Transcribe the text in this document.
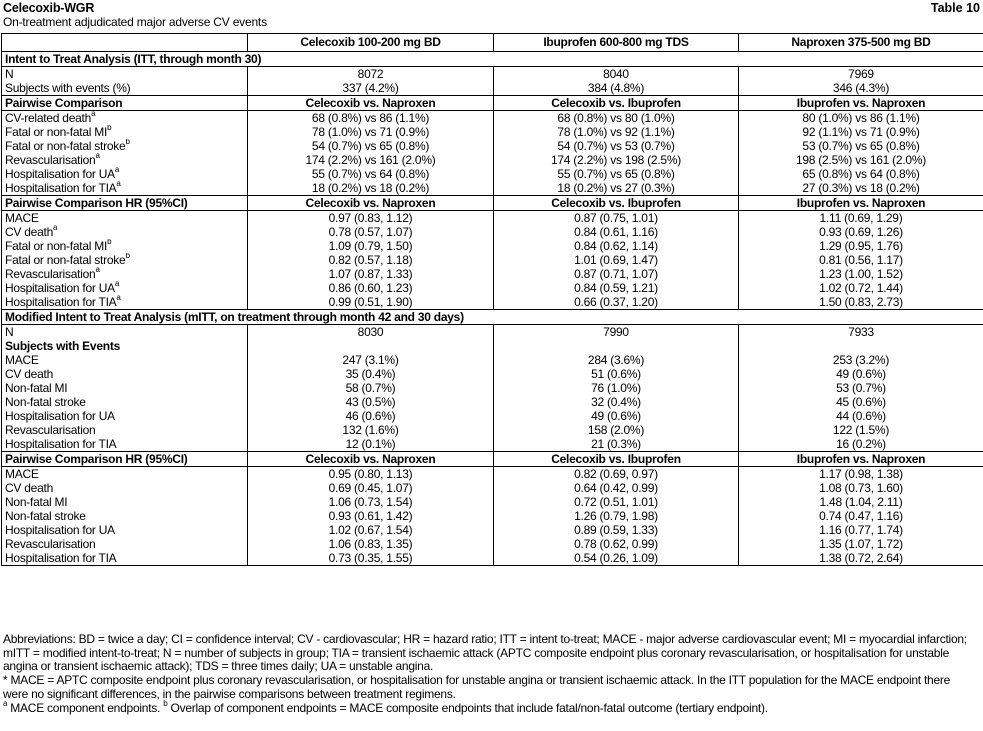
Celecoxib-WGR
On-treatment adjudicated major adverse CV events
Table 10
	Celecoxib 100-200 mg BD	Ibuprofen 600-800 mg TDS	Naproxen 375-500 mg BD
Intent to Treat Analysis (ITT, through month 30)			
N	8072	8040	7969
Subjects with events (%)	337 (4.2%)	384 (4.8%)	346 (4.3%)
Pairwise Comparison	Celecoxib vs. Naproxen	Celecoxib vs. Ibuprofen	Ibuprofen vs. Naproxen
CV-related death$^a$	68 (0.8%) vs 86 (1.1%)	68 (0.8%) vs 80 (1.0%)	80 (1.0%) vs 86 (1.1%)
Fatal or non-fatal $MI^b$	78 (1.0%) vs 71 (0.9%)	78 (1.0%) vs 92 (1.1%)	92 (1.1%) vs 71 (0.9%)
Fatal or non-fatal stroke$^b$	54 (0.7%) vs 65 (0.8%)	54 (0.7%) vs 53 (0.7%)	53 (0.7%) vs 65 (0.8%)
Revascularisation$^a$	174 (2.2%) vs 161 (2.0%)	174 (2.2%) vs 198 (2.5%)	198 (2.5%) vs 161 (2.0%)
Hospitalisation for $UA^a$	55 (0.7%) vs 64 (0.8%)	55 (0.7%) vs 65 (0.8%)	65 (0.8%) vs 64 (0.8%)
Hospitalisation for TIA$^a$	18 (0.2%) vs 18 (0.2%)	18 (0.2%) vs 27 (0.3%)	27 (0.3%) vs 18 (0.2%)
Pairwise Comparison HR (95%CI)	Celecoxib vs. Naproxen	Celecoxib vs. Ibuprofen	Ibuprofen vs. Naproxen
MACE	0.97 (0.83, 1.12)	0.87 (0.75, 1.01)	1.11 (0.69, 1.29)
CV death$^a$	0.78 (0.57, 1.07)	0.84 (0.61, 1.16)	0.93 (0.69, 1.26)
Fatal or non-fatal $MI^b$	1.09 (0.79, 1.50)	0.84 (0.62, 1.14)	1.29 (0.95, 1.76)
Fatal or non-fatal stroke$^b$	0.82 (0.57, 1.18)	1.01 (0.69, 1.47)	0.81 (0.56, 1.17)
Revascularisation$^a$	1.07 (0.87, 1.33)	0.87 (0.71, 1.07)	1.23 (1.00, 1.52)
Hospitalisation for $UA^a$	0.86 (0.60, 1.23)	0.84 (0.59, 1.21)	1.02 (0.72, 1.44)
Hospitalisation for TIA$^a$	0.99 (0.51, 1.90)	0.66 (0.37, 1.20)	1.50 (0.83, 2.73)
Modified Intent to Treat Analysis (mITT, on treatment through month 42 and 30 days)			
N	8030	7990	7933
Subjects with Events			
MACE	247 (3.1%)	284 (3.6%)	253 (3.2%)
CV death	35 (0.4%)	51 (0.6%)	49 (0.6%)
Non-fatal MI	58 (0.7%)	76 (1.0%)	53 (0.7%)
Non-fatal stroke	43 (0.5%)	32 (0.4%)	45 (0.6%)
Hospitalisation for UA	46 (0.6%)	49 (0.6%)	44 (0.6%)
Revascularisation	132 (1.6%)	158 (2.0%)	122 (1.5%)
Hospitalisation for TIA	12 (0.1%)	21 (0.3%)	16 (0.2%)
Pairwise Comparison HR (95%CI)	Celecoxib vs. Naproxen	Celecoxib vs. Ibuprofen	Ibuprofen vs. Naproxen
MACE	0.95 (0.80, 1.13)	0.82 (0.69, 0.97)	1.17 (0.98, 1.38)
CV death	0.69 (0.45, 1.07)	0.64 (0.42, 0.99)	1.08 (0.73, 1.60)
Non-fatal MI	1.06 (0.73, 1.54)	0.72 (0.51, 1.01)	1.48 (1.04, 2.11)
Non-fatal stroke	0.93 (0.61, 1.42)	1.26 (0.79, 1.98)	0.74 (0.47, 1.16)
Hospitalisation for UA	1.02 (0.67, 1.54)	0.89 (0.59, 1.33)	1.16 (0.77, 1.74)
Revascularisation	1.06 (0.83, 1.35)	0.78 (0.62, 0.99)	1.35 (1.07, 1.72)
Hospitalisation for TIA	0.73 (0.35, 1.55)	0.54 (0.26, 1.09)	1.38 (0.72, 2.64)

Abbreviations: BD = twice a day; CI = confidence interval; CV - cardiovascular; HR = hazard ratio; ITT = intent to-treat; MACE - major adverse cardiovascular event; MI = myocardial infarction; mITT = modified intent-to-treat; N = number of subjects in group; TIA = transient ischaemic attack (APTC composite endpoint plus coronary revascularisation, or hospitalisation for unstable angina or transient ischaemic attack); TDS = three times daily; UA = unstable angina.

* MACE = APTC composite endpoint plus coronary revascularisation, or hospitalisation for unstable angina or transient ischaemic attack. In the ITT population for the MACE endpoint there were no significant differences, in the pairwise comparisons between treatment regimens.

$^a$ MACE component endpoints. $^b$ Overlap of component endpoints = MACE composite endpoints that include fatal/non-fatal outcome (tertiary endpoint).
